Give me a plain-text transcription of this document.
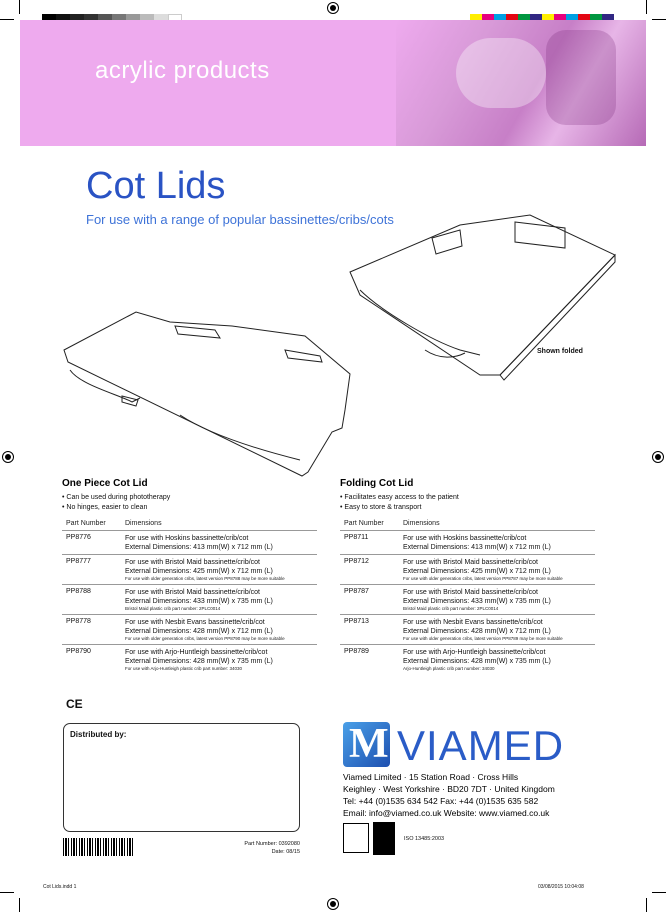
acrylic products
Cot Lids
For use with a range of popular bassinettes/cribs/cots
Shown folded
One Piece Cot Lid
• Can be used during phototherapy
• No hinges, easier to clean
Part Number	Dimensions
PP8776	For use with Hoskins bassinette/crib/cot
External Dimensions: 413 mm(W) x 712 mm (L)
PP8777	For use with Bristol Maid bassinette/crib/cot
External Dimensions: 425 mm(W) x 712 mm (L)
For use with older generation cribs, latest version PP8788 may be more suitable
PP8788	For use with Bristol Maid bassinette/crib/cot
External Dimensions: 433 mm(W) x 735 mm (L)
Bristol Maid plastic crib part number: 2PLC0014
PP8778	For use with Nesbit Evans bassinette/crib/cot
External Dimensions: 428 mm(W) x 712 mm (L)
For use with older generation cribs, latest version PP8790 may be more suitable
PP8790	For use with Arjo-Huntleigh bassinette/crib/cot
External Dimensions: 428 mm(W) x 735 mm (L)
For use with Arjo-Huntleigh plastic crib part number: 34030
Folding Cot Lid
• Facilitates easy access to the patient
• Easy to store & transport
Part Number	Dimensions
PP8711	For use with Hoskins bassinette/crib/cot
External Dimensions: 413 mm(W) x 712 mm (L)
PP8712	For use with Bristol Maid bassinette/crib/cot
External Dimensions: 425 mm(W) x 712 mm (L)
For use with older generation cribs, latest version PP8787 may be more suitable
PP8787	For use with Bristol Maid bassinette/crib/cot
External Dimensions: 433 mm(W) x 735 mm (L)
Bristol Maid plastic crib part number: 2PLC0014
PP8713	For use with Nesbit Evans bassinette/crib/cot
External Dimensions: 428 mm(W) x 712 mm (L)
For use with older generation cribs, latest version PP8789 may be more suitable
PP8789	For use with Arjo-Huntleigh bassinette/crib/cot
External Dimensions: 428 mm(W) x 735 mm (L)
Arjo-Huntleigh plastic crib part number: 34030
CE
Distributed by:
Part Number: 0392080
Date: 08/15
M VIAMED
Viamed Limited · 15 Station Road · Cross Hills
Keighley · West Yorkshire · BD20 7DT · United Kingdom
Tel: +44 (0)1535 634 542 Fax: +44 (0)1535 635 582
Email: info@viamed.co.uk Website: www.viamed.co.uk
ISO 13485:2003
Cot Lids.indd 1	03/08/2015 10:04:08
